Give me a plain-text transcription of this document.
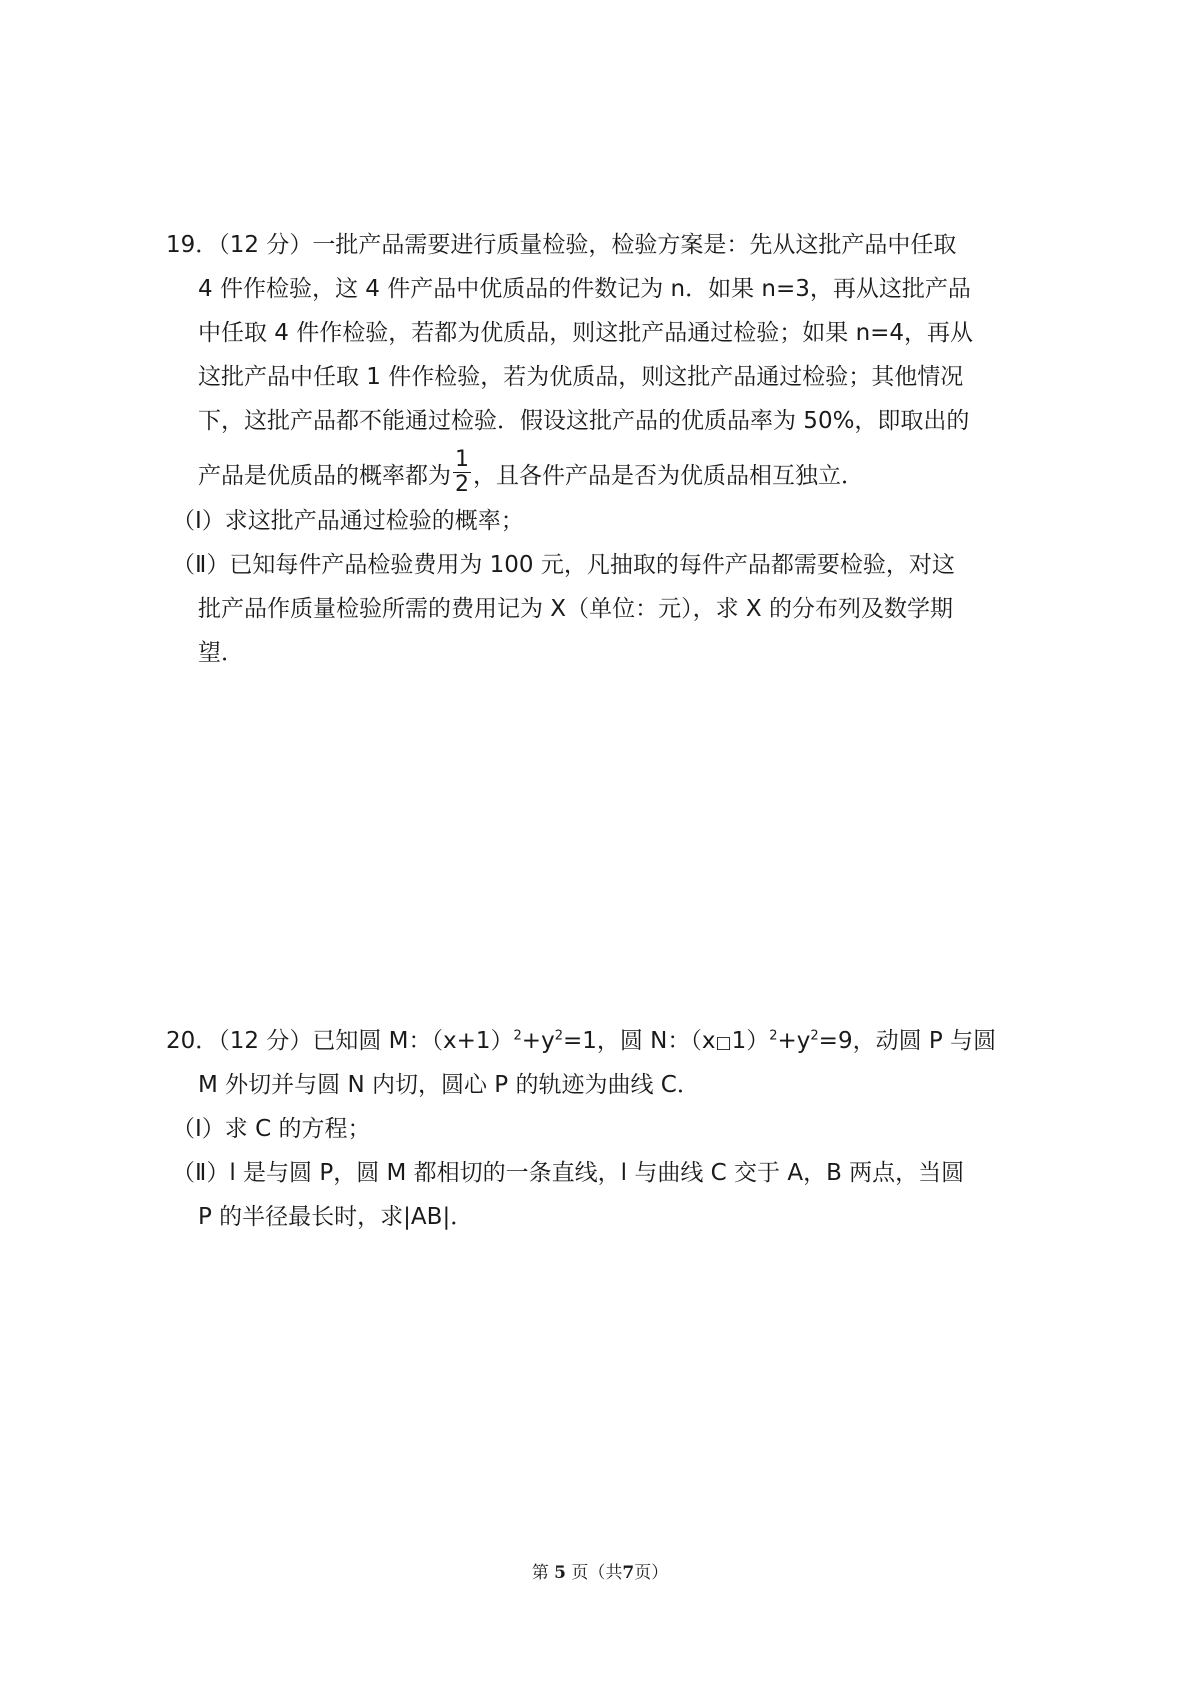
19．（12 分）一批产品需要进行质量检验，检验方案是：先从这批产品中任取
4 件作检验，这 4 件产品中优质品的件数记为 n．如果 n=3，再从这批产品
中任取 4 件作检验，若都为优质品，则这批产品通过检验；如果 n=4，再从
这批产品中任取 1 件作检验，若为优质品，则这批产品通过检验；其他情况
下，这批产品都不能通过检验．假设这批产品的优质品率为 50%，即取出的
产品是优质品的概率都为 $\frac{1}{2}$ ，且各件产品是否为优质品相互独立．
（Ⅰ）求这批产品通过检验的概率；
（Ⅱ）已知每件产品检验费用为 100 元，凡抽取的每件产品都需要检验，对这
批产品作质量检验所需的费用记为 X（单位：元），求 X 的分布列及数学期
望．
20．（12 分）已知圆 M：$(x+1)^2+y^2=1$，圆 N：$(x□1)^2+y^2=9$，动圆 P 与圆
M 外切并与圆 N 内切，圆心 P 的轨迹为曲线 C．
（Ⅰ）求 C 的方程；
（Ⅱ）l 是与圆 P，圆 M 都相切的一条直线，l 与曲线 C 交于 A，B 两点，当圆
P 的半径最长时，求|AB|．
第 5 页（共7页）
